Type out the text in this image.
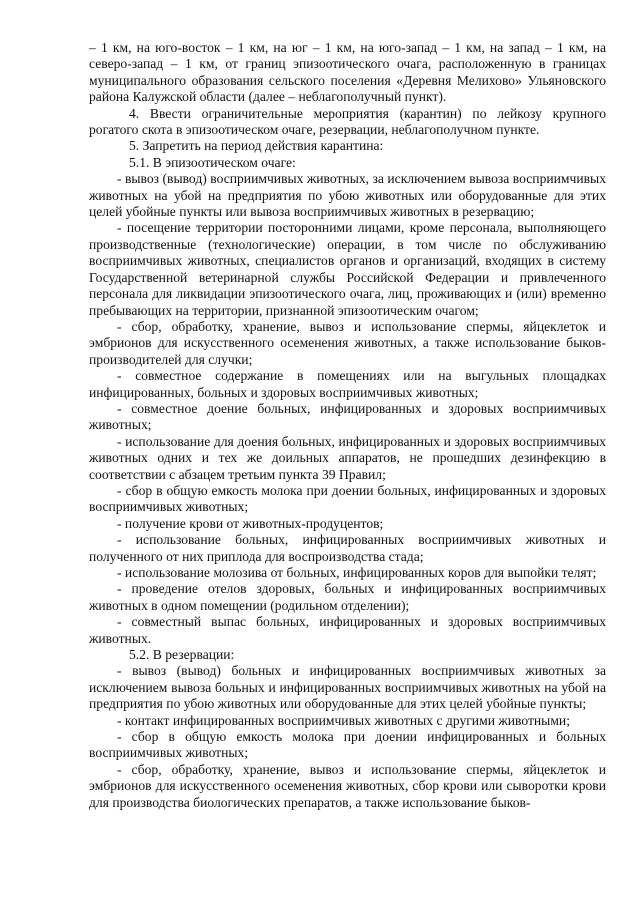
– 1 км, на юго-восток – 1 км, на юг – 1 км, на юго-запад – 1 км, на запад – 1 км, на северо-запад – 1 км, от границ эпизоотического очага, расположенную в границах муниципального образования сельского поселения «Деревня Мелихово» Ульяновского района Калужской области (далее – неблагополучный пункт).

4. Ввести ограничительные мероприятия (карантин) по лейкозу крупного рогатого скота в эпизоотическом очаге, резервации, неблагополучном пункте.

5. Запретить на период действия карантина:

5.1. В эпизоотическом очаге:

- вывоз (вывод) восприимчивых животных, за исключением вывоза восприимчивых животных на убой на предприятия по убою животных или оборудованные для этих целей убойные пункты или вывоза восприимчивых животных в резервацию;

- посещение территории посторонними лицами, кроме персонала, выполняющего производственные (технологические) операции, в том числе по обслуживанию восприимчивых животных, специалистов органов и организаций, входящих в систему Государственной ветеринарной службы Российской Федерации и привлеченного персонала для ликвидации эпизоотического очага, лиц, проживающих и (или) временно пребывающих на территории, признанной эпизоотическим очагом;

- сбор, обработку, хранение, вывоз и использование спермы, яйцеклеток и эмбрионов для искусственного осеменения животных, а также использование быков-производителей для случки;

- совместное содержание в помещениях или на выгульных площадках инфицированных, больных и здоровых восприимчивых животных;

- совместное доение больных, инфицированных и здоровых восприимчивых животных;

- использование для доения больных, инфицированных и здоровых восприимчивых животных одних и тех же доильных аппаратов, не прошедших дезинфекцию в соответствии с абзацем третьим пункта 39 Правил;

- сбор в общую емкость молока при доении больных, инфицированных и здоровых восприимчивых животных;

- получение крови от животных-продуцентов;

- использование больных, инфицированных восприимчивых животных и полученного от них приплода для воспроизводства стада;

- использование молозива от больных, инфицированных коров для выпойки телят;

- проведение отелов здоровых, больных и инфицированных восприимчивых животных в одном помещении (родильном отделении);

- совместный выпас больных, инфицированных и здоровых восприимчивых животных.

5.2. В резервации:

- вывоз (вывод) больных и инфицированных восприимчивых животных за исключением вывоза больных и инфицированных восприимчивых животных на убой на предприятия по убою животных или оборудованные для этих целей убойные пункты;

- контакт инфицированных восприимчивых животных с другими животными;

- сбор в общую емкость молока при доении инфицированных и больных восприимчивых животных;

- сбор, обработку, хранение, вывоз и использование спермы, яйцеклеток и эмбрионов для искусственного осеменения животных, сбор крови или сыворотки крови для производства биологических препаратов, а также использование быков-
